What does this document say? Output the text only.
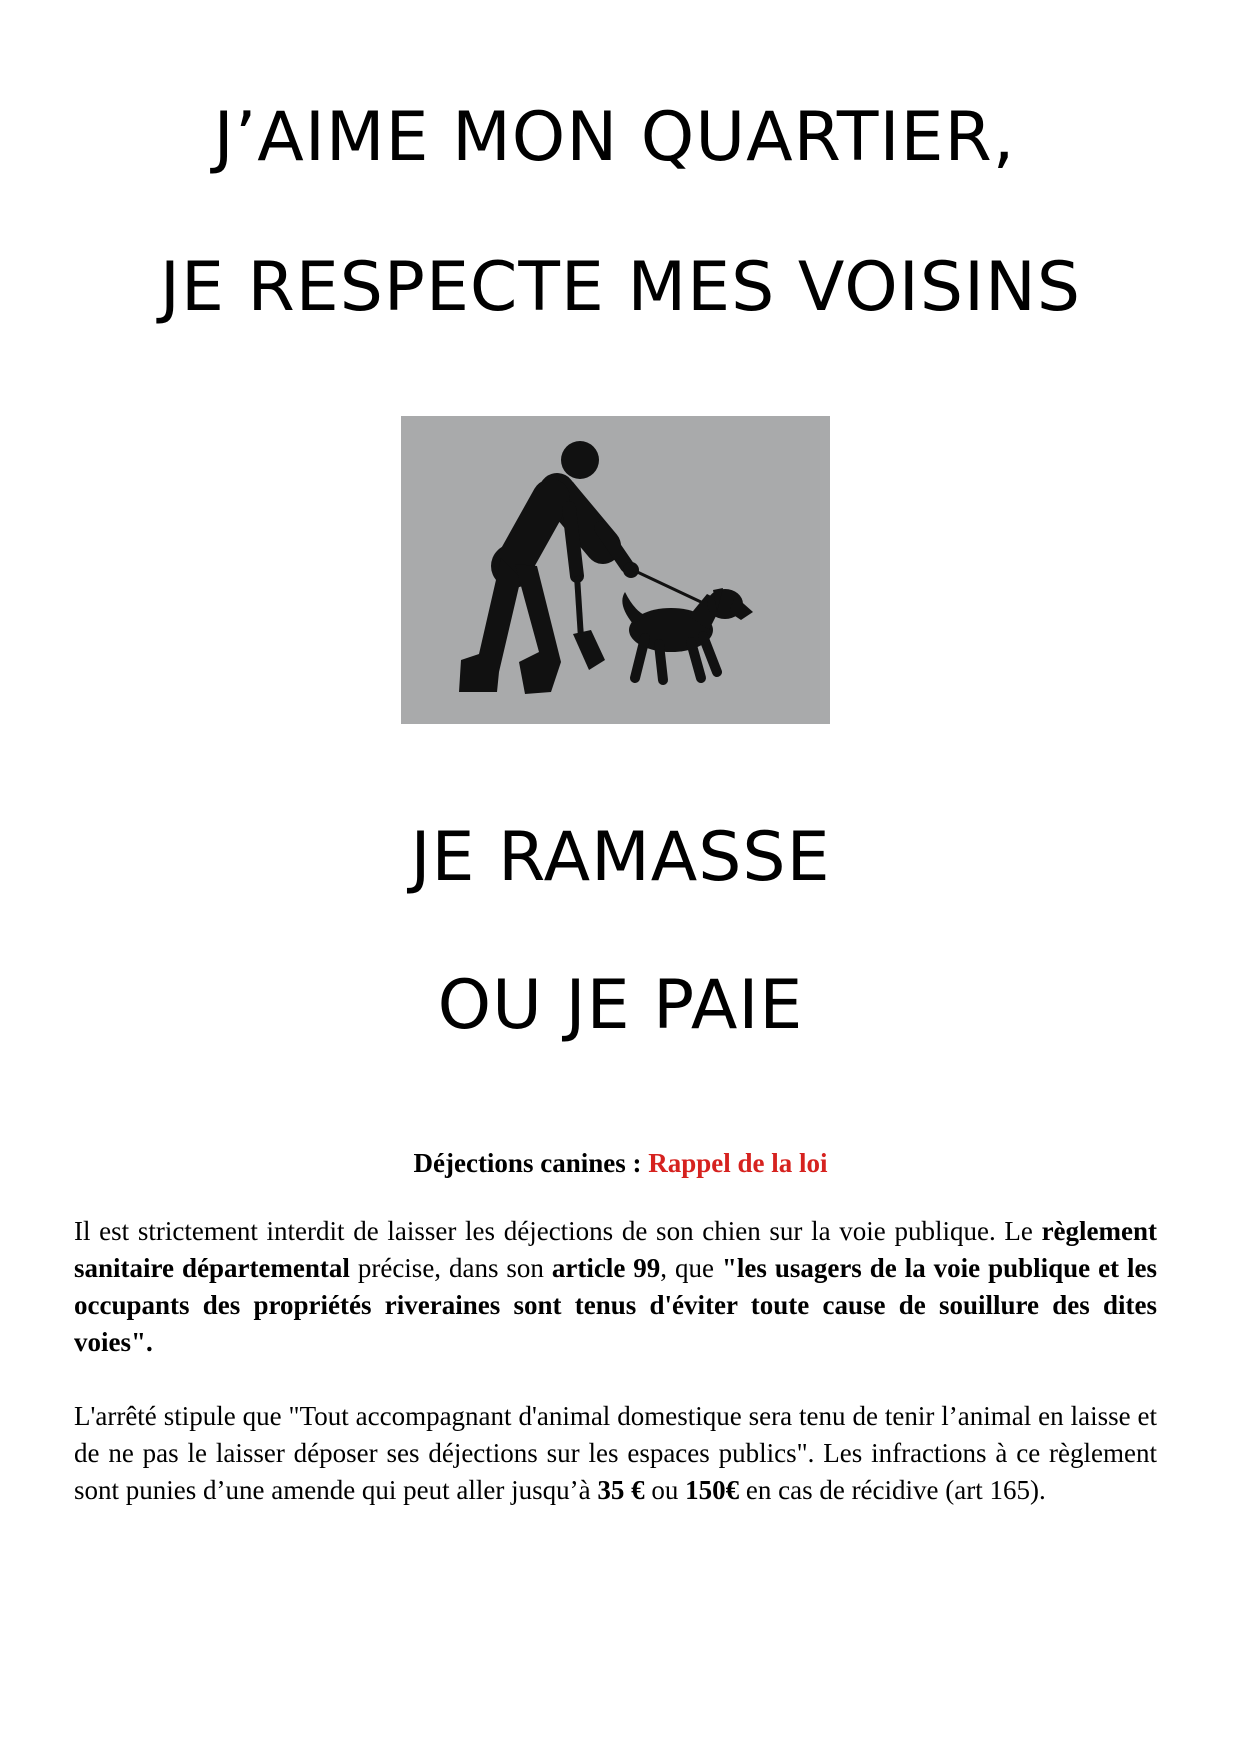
J’AIME MON QUARTIER,
JE RESPECTE MES VOISINS
JE RAMASSE
OU JE PAIE
Déjections canines : Rappel de la loi

Il est strictement interdit de laisser les déjections de son chien sur la voie publique. Le règlement sanitaire départemental précise, dans son article 99, que "les usagers de la voie publique et les occupants des propriétés riveraines sont tenus d'éviter toute cause de souillure des dites voies".

L'arrêté stipule que "Tout accompagnant d'animal domestique sera tenu de tenir l’animal en laisse et de ne pas le laisser déposer ses déjections sur les espaces publics". Les infractions à ce règlement sont punies d’une amende qui peut aller jusqu’à 35 € ou 150€ en cas de récidive (art 165).
